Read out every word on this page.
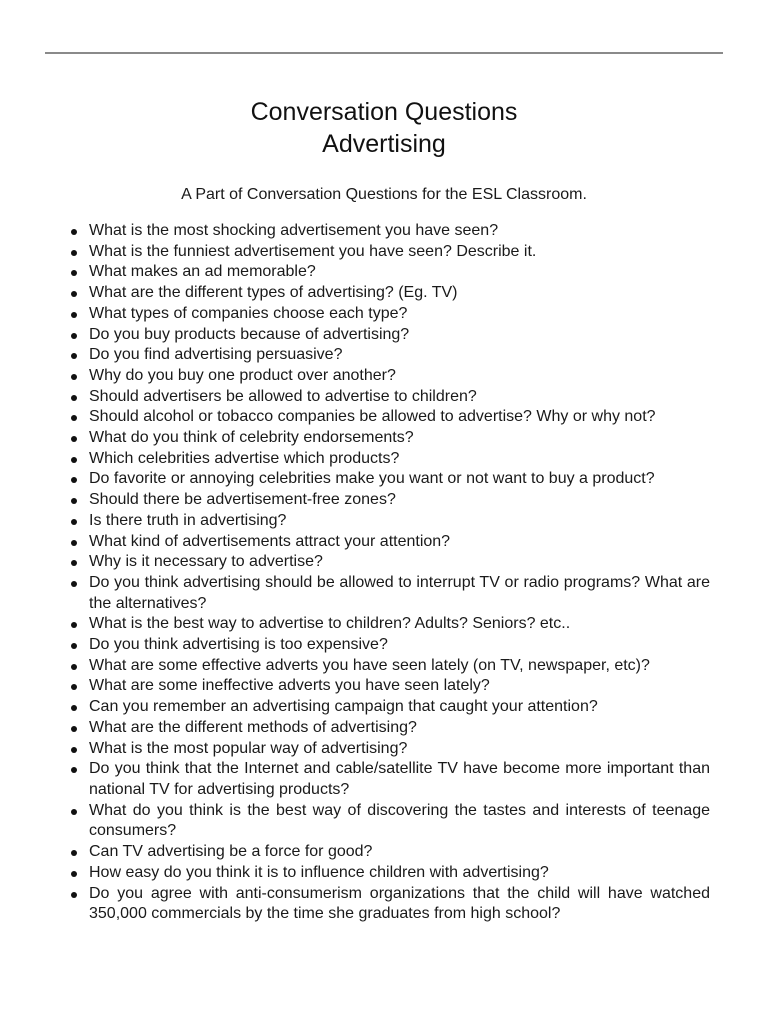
Conversation Questions
Advertising
A Part of Conversation Questions for the ESL Classroom.
What is the most shocking advertisement you have seen?
What is the funniest advertisement you have seen? Describe it.
What makes an ad memorable?
What are the different types of advertising? (Eg. TV)
What types of companies choose each type?
Do you buy products because of advertising?
Do you find advertising persuasive?
Why do you buy one product over another?
Should advertisers be allowed to advertise to children?
Should alcohol or tobacco companies be allowed to advertise? Why or why not?
What do you think of celebrity endorsements?
Which celebrities advertise which products?
Do favorite or annoying celebrities make you want or not want to buy a product?
Should there be advertisement-free zones?
Is there truth in advertising?
What kind of advertisements attract your attention?
Why is it necessary to advertise?
Do you think advertising should be allowed to interrupt TV or radio programs? What are the alternatives?
What is the best way to advertise to children? Adults? Seniors? etc..
Do you think advertising is too expensive?
What are some effective adverts you have seen lately (on TV, newspaper, etc)?
What are some ineffective adverts you have seen lately?
Can you remember an advertising campaign that caught your attention?
What are the different methods of advertising?
What is the most popular way of advertising?
Do you think that the Internet and cable/satellite TV have become more important than national TV for advertising products?
What do you think is the best way of discovering the tastes and interests of teenage consumers?
Can TV advertising be a force for good?
How easy do you think it is to influence children with advertising?
Do you agree with anti-consumerism organizations that the child will have watched 350,000 commercials by the time she graduates from high school?
